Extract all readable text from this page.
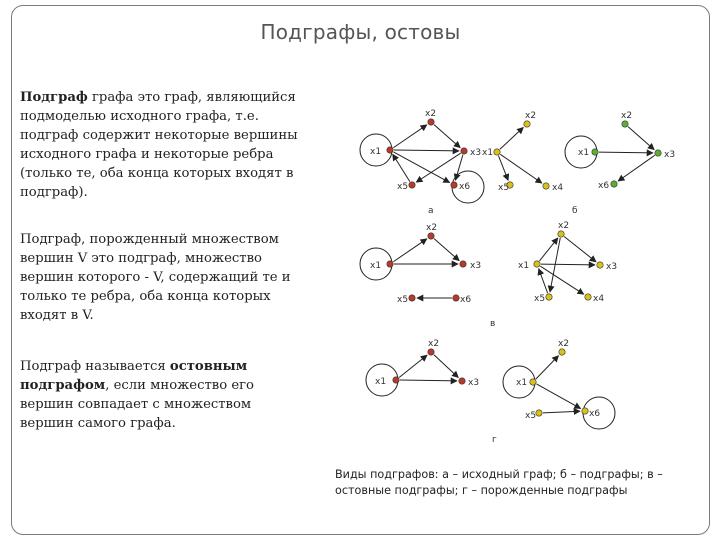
Подграфы, остовы
Подграф графа это граф, являющийся подмоделью исходного графа, т.е. подграф содержит некоторые вершины исходного графа и некоторые ребра (только те, оба конца которых входят в подграф).
Подграф, порожденный множеством вершин V это подграф, множество вершин которого - V, содержащий те и только те ребра, оба конца которых входят в V.
Подграф называется остовным подграфом, если множество его вершин совпадает с множеством вершин самого графа.
x1
x2
x3
x5	x6
x1
x2
x4
x5
x1
x2
x3
x6
x1
x2
x3
x5	x6
x1
x2
x3
x4
x5
x1
x2
x3	x1
x2
x5	x6
а	б
в
г
Виды подграфов: а – исходный граф; б – подграфы; в – остовные подграфы; г – порожденные подграфы
